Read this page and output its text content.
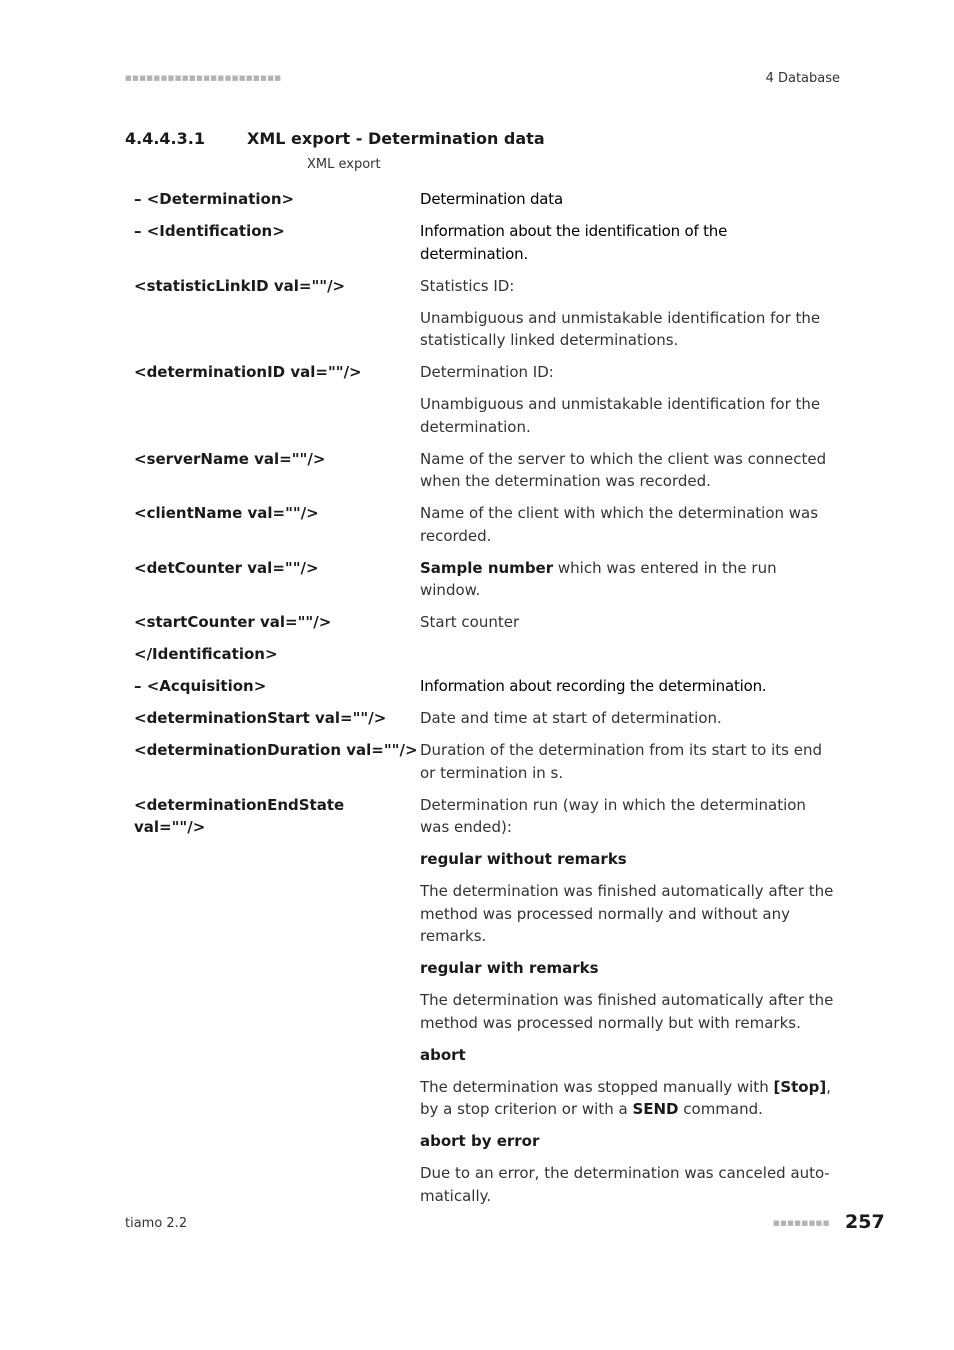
■■■■■■■■■■■■■■■■■■■■■■	4 Database
4.4.4.3.1	XML export - Determination data
XML export
– <Determination>	Determination data

– <Identification>	Information about the identification of the determination.

<statisticLinkID val=""/>	Statistics ID:

Unambiguous and unmistakable identification for the statistically linked determinations.

<determinationID val=""/>	Determination ID:

Unambiguous and unmistakable identification for the determination.

<serverName val=""/>	Name of the server to which the client was connected when the determination was recorded.

<clientName val=""/>	Name of the client with which the determination was recorded.

<detCounter val=""/>	Sample number which was entered in the run window.

<startCounter val=""/>	Start counter

</Identification>
– <Acquisition>	Information about recording the determination.

<determinationStart val=""/>	Date and time at start of determination.

<determinationDuration val=""/> Duration of the determination from its start to its end or termination in s.

<determinationEndState val=""/>

Determination run (way in which the determination was ended):

regular without remarks

The determination was finished automatically after the method was processed normally and without any remarks.

regular with remarks

The determination was finished automatically after the method was processed normally but with remarks.

abort

The determination was stopped manually with [Stop], by a stop criterion or with a SEND command.

abort by error

Due to an error, the determination was canceled automatically.

tiamo 2.2	■■■■■■■■ 257
